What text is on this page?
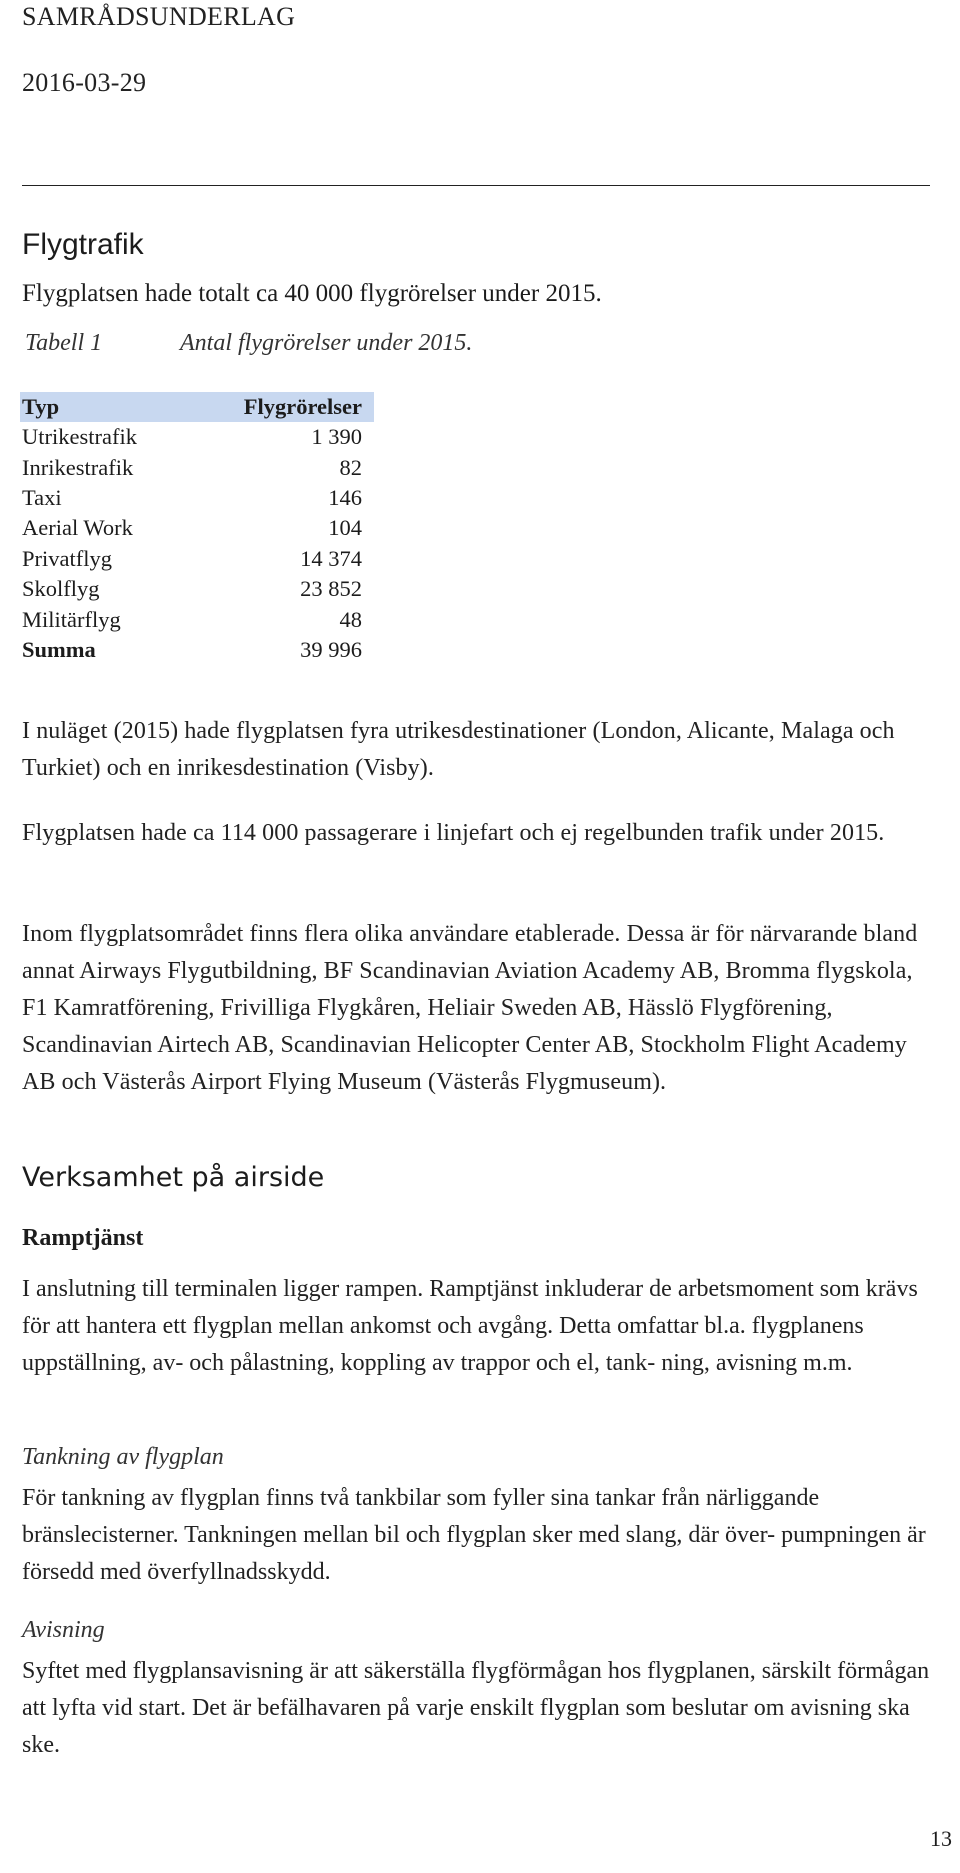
SAMRÅDSUNDERLAG
2016-03-29
Flygtrafik
Flygplatsen hade totalt ca 40 000 flygrörelser under 2015.
Tabell 1	Antal flygrörelser under 2015.
Typ	Flygrörelser
Utrikestrafik	1 390
Inrikestrafik	82
Taxi	146
Aerial Work	104
Privatflyg	14 374
Skolflyg	23 852
Militärflyg	48
Summa	39 996

I nuläget (2015) hade flygplatsen fyra utrikesdestinationer (London, Alicante, Malaga och Turkiet) och en inrikesdestination (Visby).

Flygplatsen hade ca 114 000 passagerare i linjefart och ej regelbunden trafik under 2015.

Inom flygplatsområdet finns flera olika användare etablerade. Dessa är för närvarande bland annat Airways Flygutbildning, BF Scandinavian Aviation Academy AB, Bromma flygskola, F1 Kamratförening, Frivilliga Flygkåren, Heliair Sweden AB, Hässlö Flygförening, Scandinavian Airtech AB, Scandinavian Helicopter Center AB, Stockholm Flight Academy AB och Västerås Airport Flying Museum (Västerås Flygmuseum).

Verksamhet på airside
Ramptjänst

I anslutning till terminalen ligger rampen. Ramptjänst inkluderar de arbetsmoment som krävs för att hantera ett flygplan mellan ankomst och avgång. Detta omfattar bl.a. flygplanens uppställning, av- och pålastning, koppling av trappor och el, tank- ning, avisning m.m.

Tankning av flygplan

För tankning av flygplan finns två tankbilar som fyller sina tankar från närliggande bränslecisterner. Tankningen mellan bil och flygplan sker med slang, där över- pumpningen är försedd med överfyllnadsskydd.

Avisning

Syftet med flygplansavisning är att säkerställa flygförmågan hos flygplanen, särskilt förmågan att lyfta vid start. Det är befälhavaren på varje enskilt flygplan som beslutar om avisning ska ske.

13
